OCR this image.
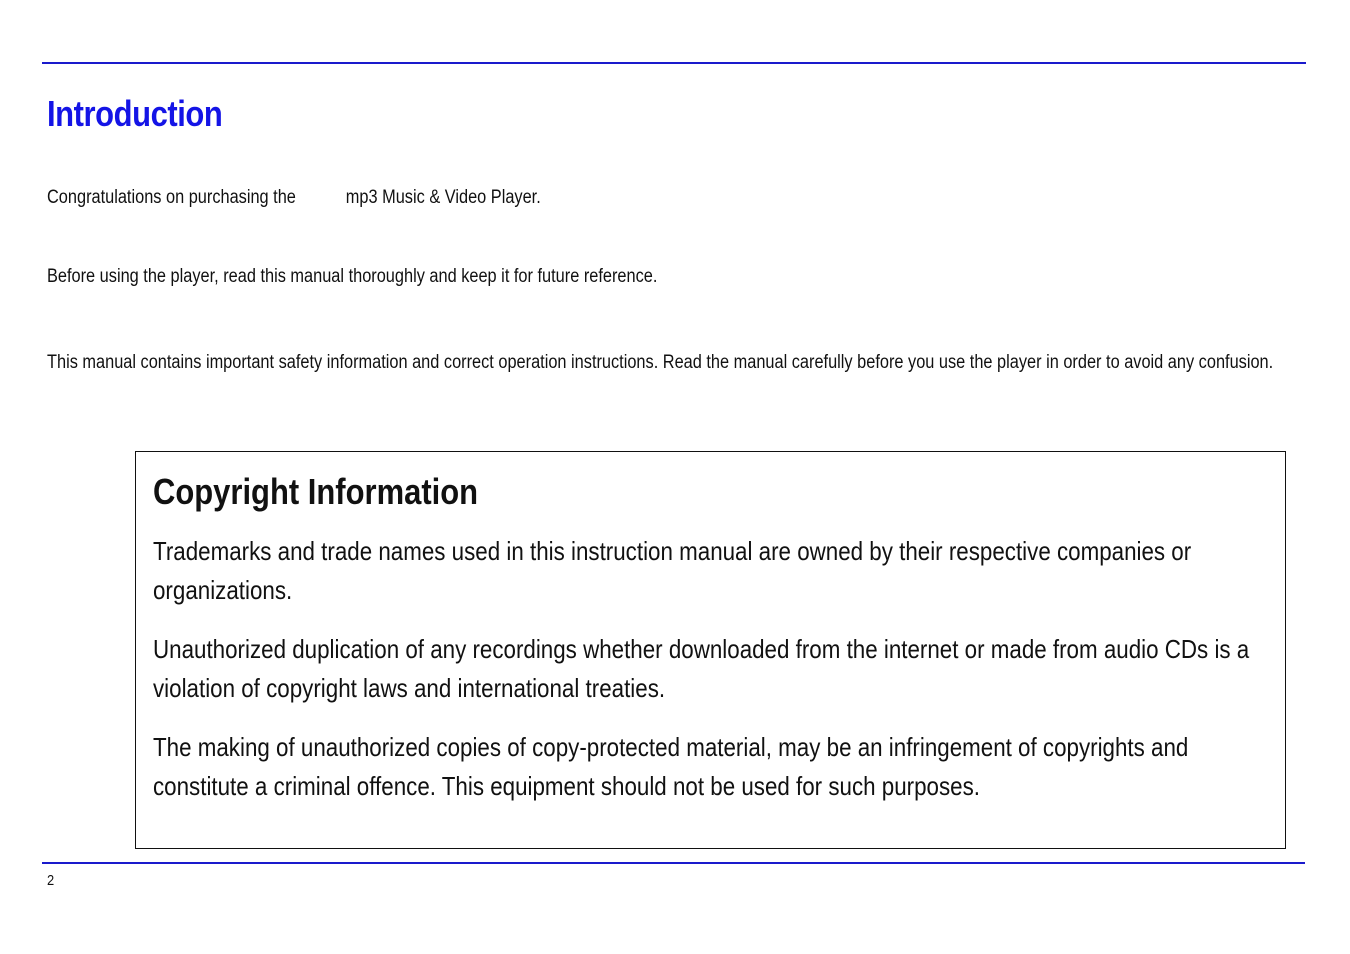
Introduction

Congratulations on purchasing the	mp3 Music & Video Player.

Before using the player, read this manual thoroughly and keep it for future reference.

This manual contains important safety information and correct operation instructions. Read the manual carefully before you use the player in order to avoid any confusion.

Copyright Information

Trademarks and trade names used in this instruction manual are owned by their respective companies or organizations.

Unauthorized duplication of any recordings whether downloaded from the internet or made from audio CDs is a violation of copyright laws and international treaties.

The making of unauthorized copies of copy-protected material, may be an infringement of copyrights and constitute a criminal offence. This equipment should not be used for such purposes.

2
